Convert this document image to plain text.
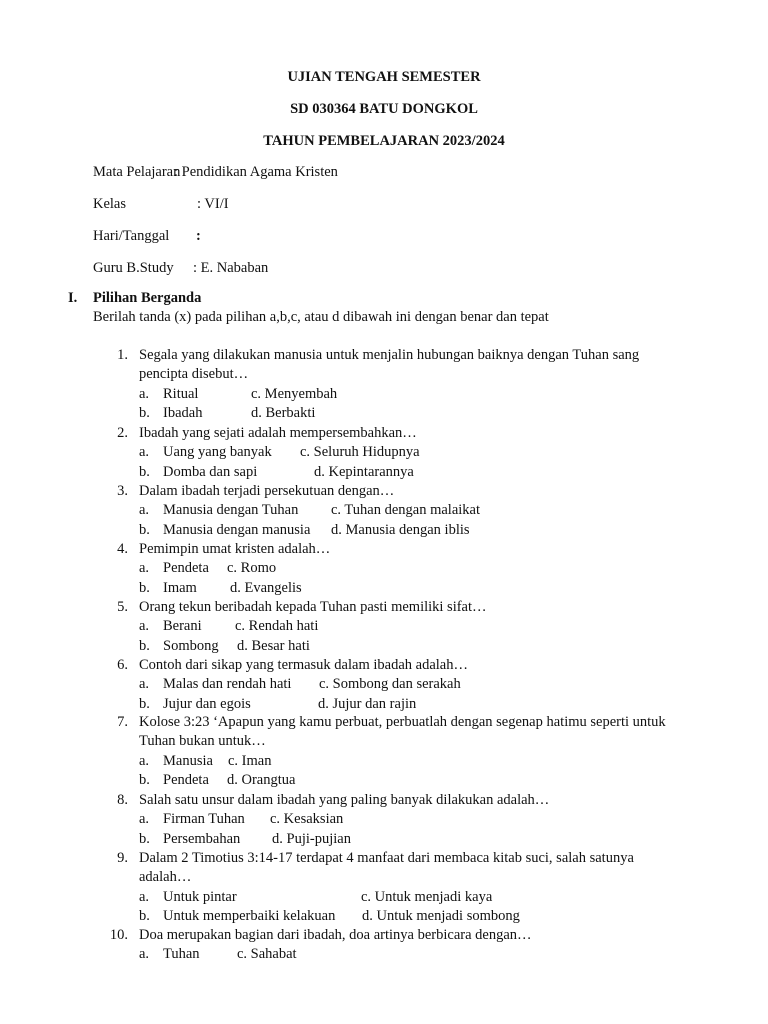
UJIAN TENGAH SEMESTER
SD 030364 BATU DONGKOL
TAHUN PEMBELAJARAN 2023/2024
Mata Pelajaran
: Pendidikan Agama Kristen
Kelas	: VI/I
Hari/Tanggal :
Guru B.Study : E. Nababan
I. Pilihan Berganda
Berilah tanda (x) pada pilihan a,b,c, atau d dibawah ini dengan benar dan tepat
1. Segala yang dilakukan manusia untuk menjalin hubungan baiknya dengan Tuhan sang pencipta disebut…
a. Ritual	c. Menyembah
b. Ibadah	d. Berbakti
2. Ibadah yang sejati adalah mempersembahkan…
a. Uang yang banyak c. Seluruh Hidupnya
b. Domba dan sapi	d. Kepintarannya
3. Dalam ibadah terjadi persekutuan dengan…
a. Manusia dengan Tuhan c. Tuhan dengan malaikat
b. Manusia dengan manusia d. Manusia dengan iblis
4. Pemimpin umat kristen adalah…
a. Pendeta c. Romo
b. Imam d. Evangelis
5. Orang tekun beribadah kepada Tuhan pasti memiliki sifat…
a. Berani c. Rendah hati
b. Sombong d. Besar hati
6. Contoh dari sikap yang termasuk dalam ibadah adalah…
a. Malas dan rendah hati c. Sombong dan serakah
b. Jujur dan egois	d. Jujur dan rajin
7. Kolose 3:23 ‘Apapun yang kamu perbuat, perbuatlah dengan segenap hatimu seperti untuk Tuhan bukan untuk…
a. Manusia c. Iman
b. Pendeta d. Orangtua
8. Salah satu unsur dalam ibadah yang paling banyak dilakukan adalah…
a. Firman Tuhan c. Kesaksian
b. Persembahan d. Puji-pujian
9. Dalam 2 Timotius 3:14-17 terdapat 4 manfaat dari membaca kitab suci, salah satunya adalah…
a. Untuk pintar	c. Untuk menjadi kaya
b. Untuk memperbaiki kelakuan d. Untuk menjadi sombong
10. Doa merupakan bagian dari ibadah, doa artinya berbicara dengan…
a. Tuhan	c. Sahabat
